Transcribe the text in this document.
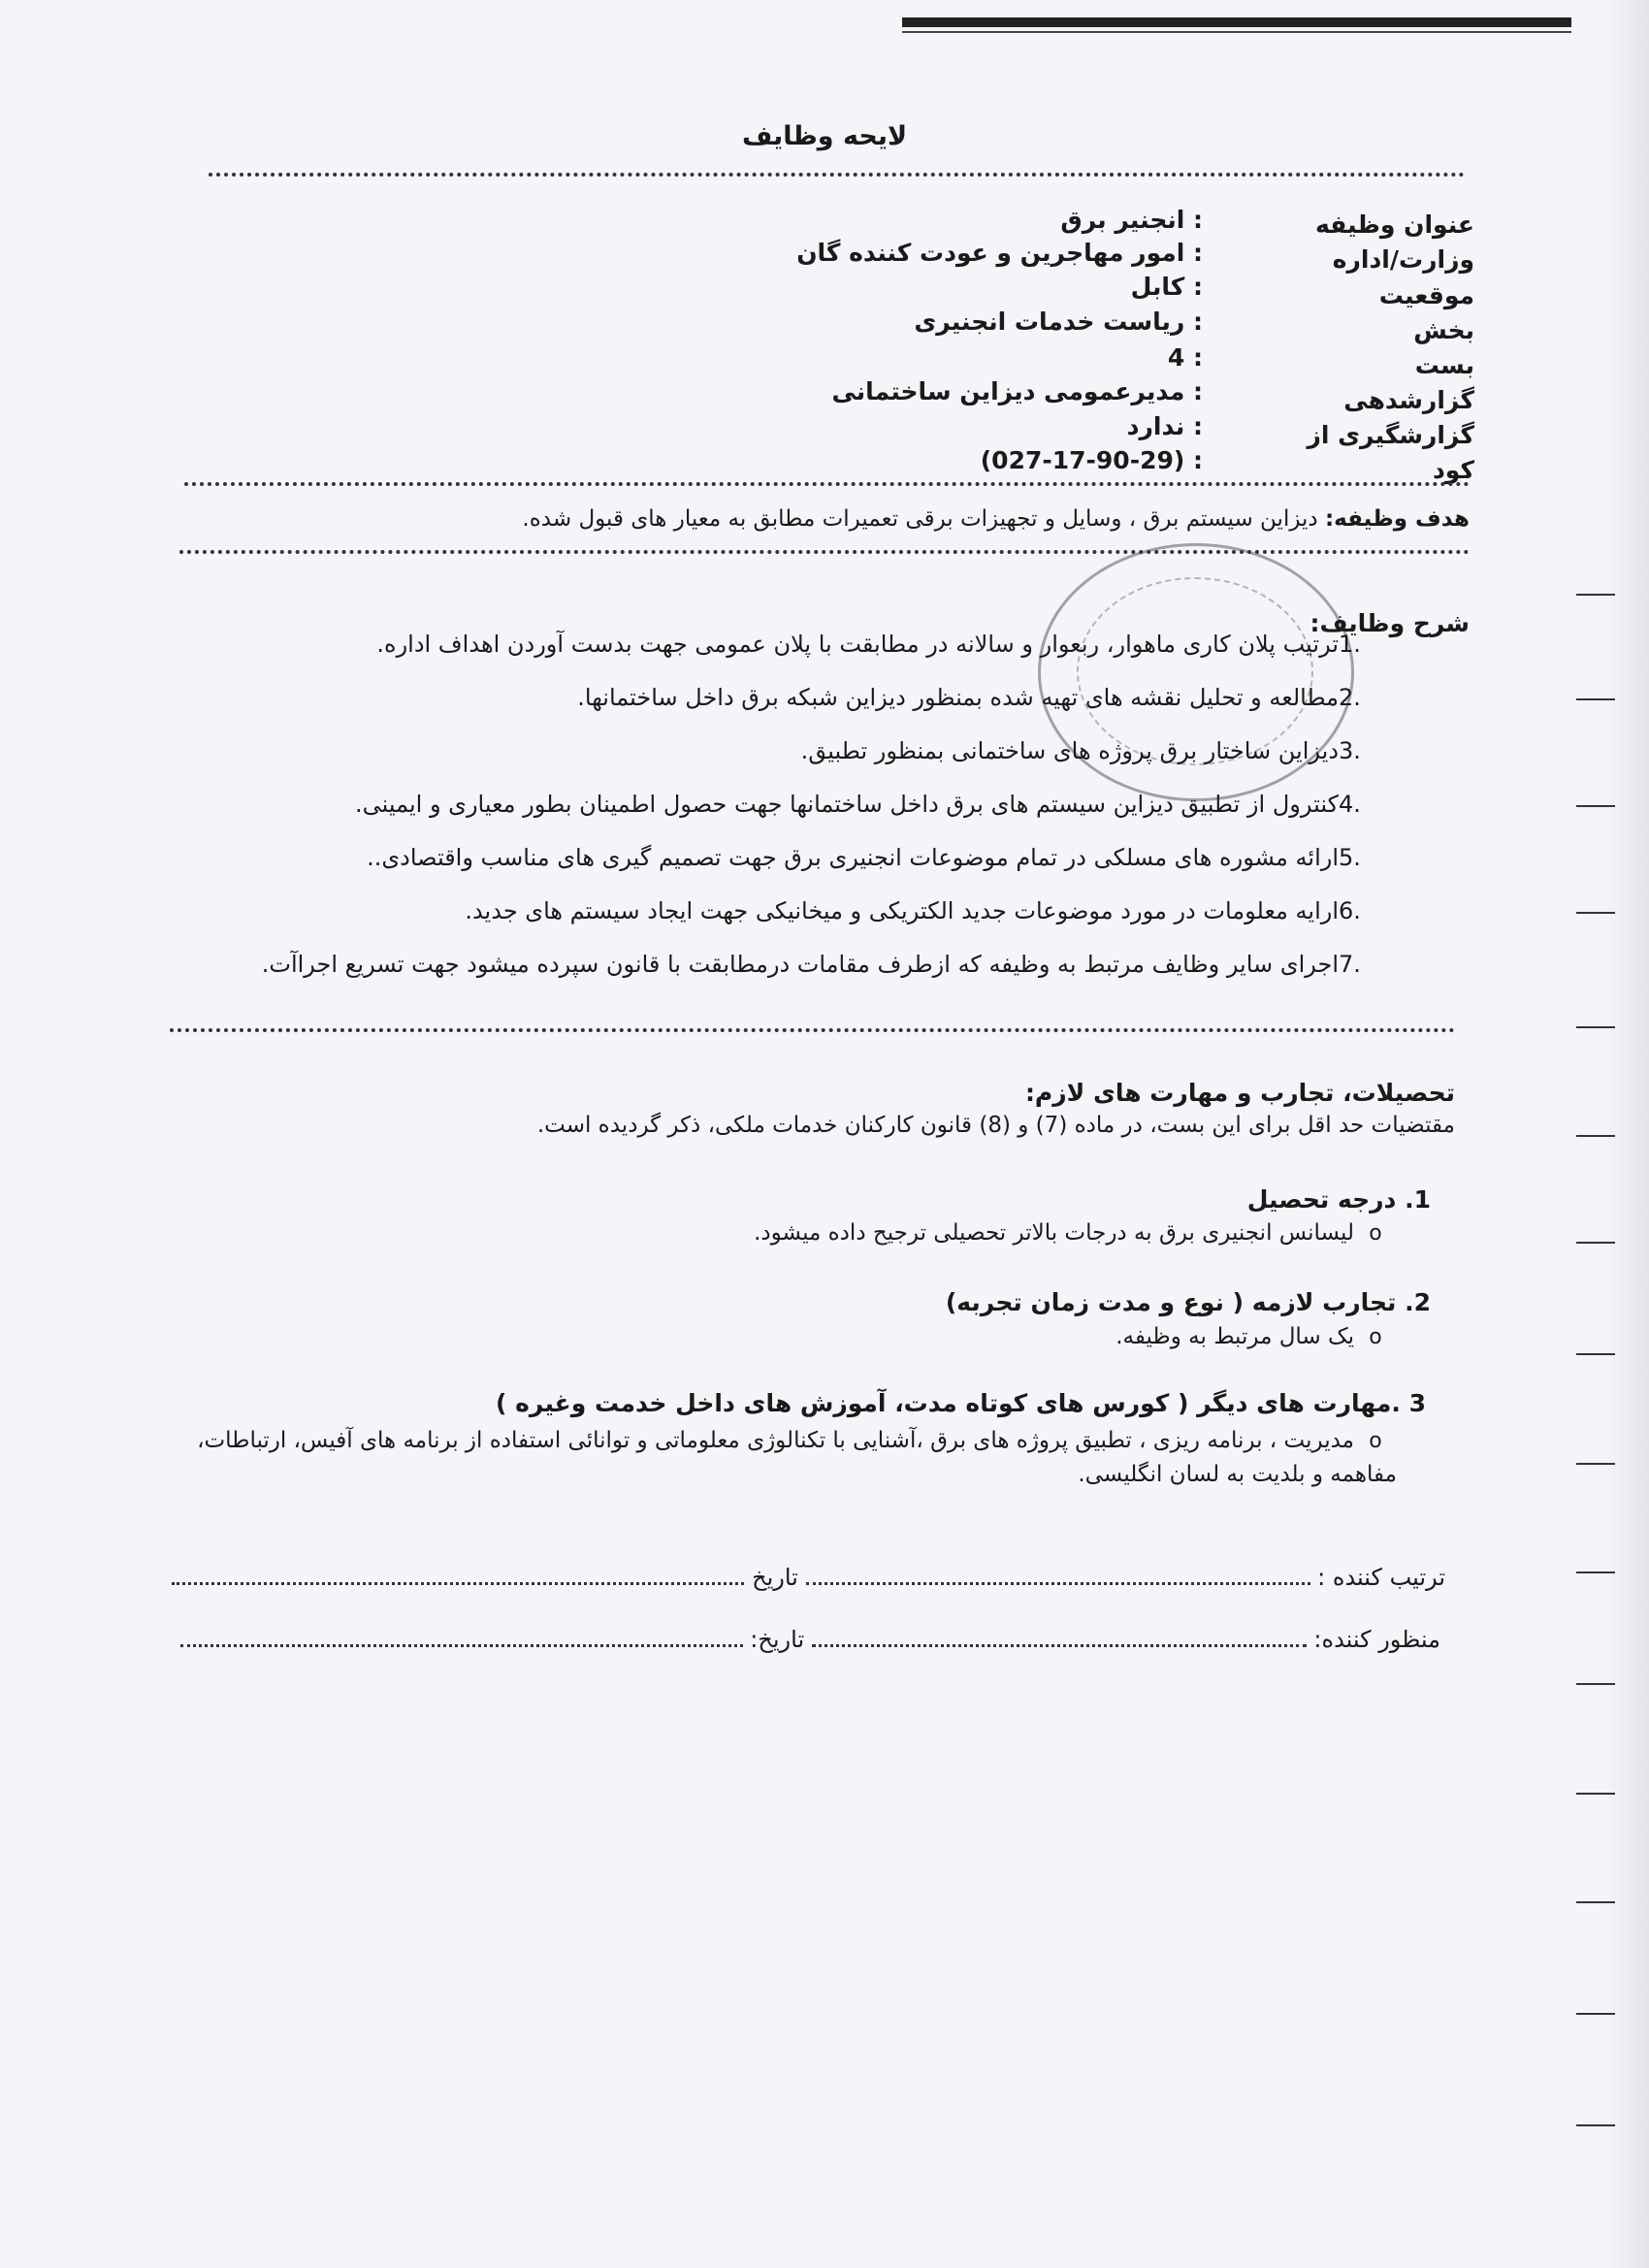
لایحه وظایف
عنوان وظیفه
: انجنیر برق
وزارت/اداره
: امور مهاجرین و عودت کننده گان
موقعیت
: کابل
بخش
: ریاست خدمات انجنیری
بست
: 4
گزارشدهی
: مدیرعمومی دیزاین ساختمانی
گزارشگیری از
: ندارد
کود
: (027-17-90-29)
هدف وظیفه: دیزاین سیستم برق ، وسایل و تجهیزات برقی تعمیرات مطابق به معیار های قبول شده.
شرح وظایف:
.1ترتیب پلان کاری ماهوار، ربعوار و سالانه در مطابقت با پلان عمومی جهت بدست آوردن اهداف اداره.
.2مطالعه و تحلیل نقشه های تهیه شده بمنظور دیزاین شبکه برق داخل ساختمانها.
.3دیزاین ساختار برق پروژه های ساختمانی بمنظور تطبیق.
.4کنترول از تطبیق دیزاین سیستم های برق داخل ساختمانها جهت حصول اطمینان بطور معیاری و ایمینی.
.5ارائه مشوره های مسلکی در تمام موضوعات انجنیری برق جهت تصمیم گیری های مناسب واقتصادی..
.6ارایه معلومات در مورد موضوعات جدید الکتریکی و میخانیکی جهت ایجاد سیستم های جدید.
.7اجرای سایر وظایف مرتبط به وظیفه که ازطرف مقامات درمطابقت با قانون سپرده میشود جهت تسریع اجراآت.
تحصیلات، تجارب و مهارت های لازم:
مقتضیات حد اقل برای این بست، در ماده (7) و (8) قانون کارکنان خدمات ملکی، ذکر گردیده است.
1. درجه تحصیل
oلیسانس انجنیری برق به درجات بالاتر تحصیلی ترجیح داده میشود.
2. تجارب لازمه ( نوع و مدت زمان تجربه)
oیک سال مرتبط به وظیفه.
3 .مهارت های دیگر ( کورس های کوتاه مدت، آموزش های داخل خدمت وغیره )
oمدیریت ، برنامه ریزی ، تطبیق پروژه های برق ،آشنایی با تکنالوژی معلوماتی و توانائی استفاده از برنامه های آفیس، ارتباطات، مفاهمه و بلدیت به لسان انگلیسی.
ترتیب کننده :  تاریخ
منظور کننده:  تاریخ:
